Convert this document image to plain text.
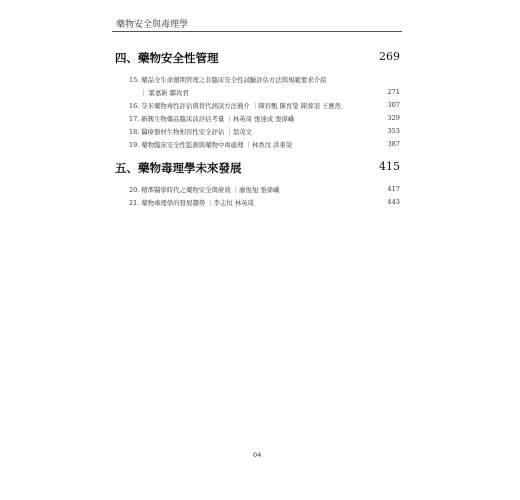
藥物安全與毒理學
四、藥物安全性管理	269
15. 藥品全生命週期管理之非臨床安全性試驗評估方法與規範要求介紹
｜ 葉嘉新 鄒玫君	271
16. 奈米藥物毒性評估與替代測試方法簡介 ｜陳容甄 陳育瑩 陳蓉羽 王應然	307
17. 新興生物藥品臨床前評估考量 ｜林英琦 張達成 張偉嶠	329
18. 醫療器材生物相容性安全評估 ｜翁茂文	353
19. 藥物臨床安全性監測與藥物中毒處理 ｜林香汶 洪東榮	387
五、藥物毒理學未來發展	415
20. 精準醫學時代之藥物安全與療效 ｜廖俊旭 張偉嶠	417
21. 藥物毒理學的發展趨勢 ｜李志恒 林英琦	443
04
